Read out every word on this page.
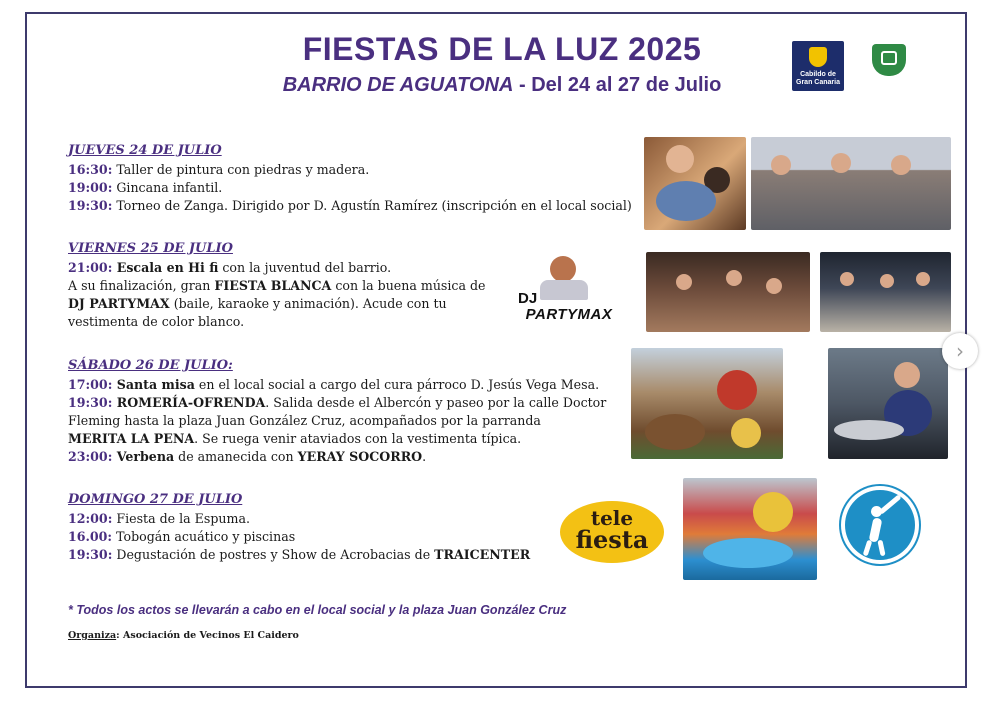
FIESTAS DE LA LUZ 2025

BARRIO DE AGUATONA - Del 24 al 27 de Julio	Cabildo de Gran Canaria

JUEVES 24 DE JULIO

16:30: Taller de pintura con piedras y madera.
19:00: Gincana infantil.
19:30: Torneo de Zanga. Dirigido por D. Agustín Ramírez (inscripción en el local social)

VIERNES 25 DE JULIO

21:00: Escala en Hi fi con la juventud del barrio.
A su finalización, gran FIESTA BLANCA con la buena música de
DJ PARTYMAX (baile, karaoke y animación). Acude con tu
vestimenta de color blanco.
DJ
PARTYMAX

SÁBADO 26 DE JULIO:

17:00: Santa misa en el local social a cargo del cura párroco D. Jesús Vega Mesa.
19:30: ROMERÍA-OFRENDA. Salida desde el Albercón y paseo por la calle Doctor
Fleming hasta la plaza Juan González Cruz, acompañados por la parranda
MERITA LA PENA. Se ruega venir ataviados con la vestimenta típica.
23:00: Verbena de amanecida con YERAY SOCORRO.

DOMINGO 27 DE JULIO

12:00: Fiesta de la Espuma.
16.00: Tobogán acuático y piscinas
19:30: Degustación de postres y Show de Acrobacias de TRAICENTER
tele
fiesta

* Todos los actos se llevarán a cabo en el local social y la plaza Juan González Cruz

Organiza: Asociación de Vecinos El Caidero

›
